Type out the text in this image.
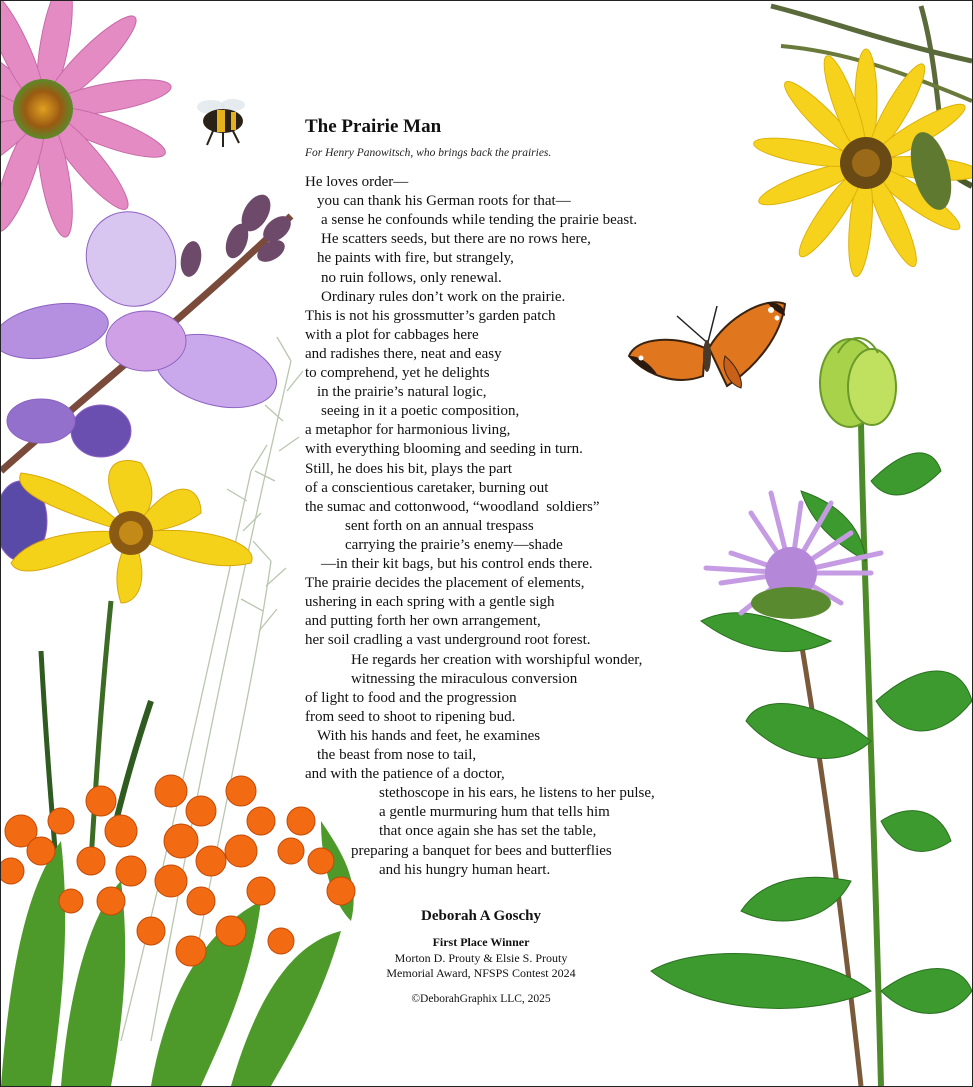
The Prairie Man
For Henry Panowitsch, who brings back the prairies.
He loves order—
you can thank his German roots for that—
a sense he confounds while tending the prairie beast.
He scatters seeds, but there are no rows here,
he paints with fire, but strangely,
no ruin follows, only renewal.
Ordinary rules don’t work on the prairie.
This is not his grossmutter’s garden patch
with a plot for cabbages here
and radishes there, neat and easy
to comprehend, yet he delights
in the prairie’s natural logic,
seeing in it a poetic composition,
a metaphor for harmonious living,
with everything blooming and seeding in turn.
Still, he does his bit, plays the part
of a conscientious caretaker, burning out
the sumac and cottonwood, “woodland  soldiers”
sent forth on an annual trespass
carrying the prairie’s enemy—shade
—in their kit bags, but his control ends there.
The prairie decides the placement of elements,
ushering in each spring with a gentle sigh
and putting forth her own arrangement,
her soil cradling a vast underground root forest.
He regards her creation with worshipful wonder,
witnessing the miraculous conversion
of light to food and the progression
from seed to shoot to ripening bud.
With his hands and feet, he examines
the beast from nose to tail,
and with the patience of a doctor,
stethoscope in his ears, he listens to her pulse,
a gentle murmuring hum that tells him
that once again she has set the table,
preparing a banquet for bees and butterflies
and his hungry human heart.
Deborah A Goschy
First Place Winner
Morton D. Prouty & Elsie S. Prouty
Memorial Award, NFSPS Contest 2024
©DeborahGraphix LLC, 2025
